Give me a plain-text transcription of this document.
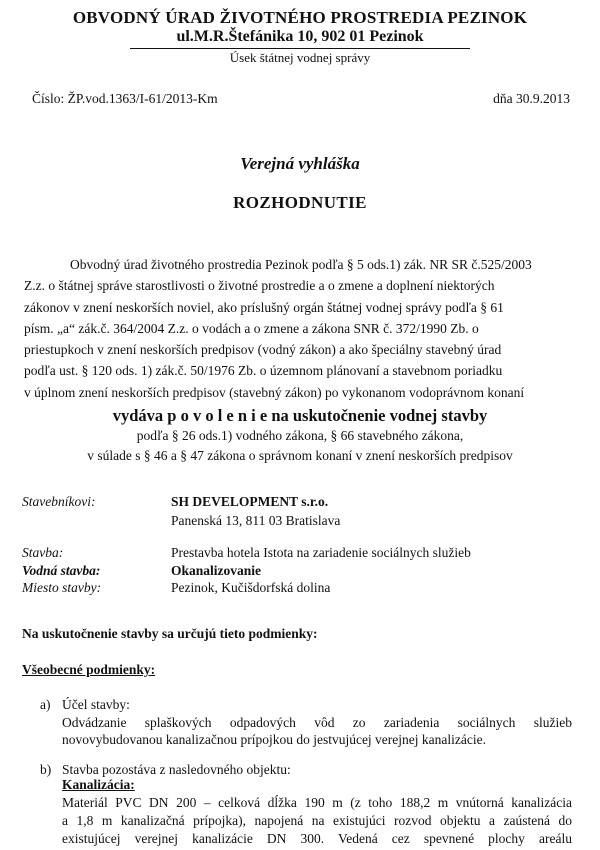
OBVODNÝ ÚRAD ŽIVOTNÉHO PROSTREDIA PEZINOK
ul.M.R.Štefánika 10, 902 01 Pezinok
Úsek štátnej vodnej správy
Číslo: ŽP.vod.1363/I-61/2013-Km	dňa 30.9.2013
Verejná vyhláška
ROZHODNUTIE

Obvodný úrad životného prostredia Pezinok podľa § 5 ods.1) zák. NR SR č.525/2003
Z.z. o štátnej správe starostlivosti o životné prostredie a o zmene a doplnení niektorých
zákonov v znení neskorších noviel, ako príslušný orgán štátnej vodnej správy podľa § 61
písm. „a“ zák.č. 364/2004 Z.z. o vodách a o zmene a zákona SNR č. 372/1990 Zb. o
priestupkoch v znení neskorších predpisov (vodný zákon) a ako špeciálny stavebný úrad
podľa ust. § 120 ods. 1) zák.č. 50/1976 Zb. o územnom plánovaní a stavebnom poriadku
v úplnom znení neskorších predpisov (stavebný zákon) po vykonanom vodoprávnom konaní

vydáva p o v o l e n i e na uskutočnenie vodnej stavby
podľa § 26 ods.1) vodného zákona, § 66 stavebného zákona,
v súlade s § 46 a § 47 zákona o správnom konaní v znení neskorších predpisov
Stavebníkovi:	SH DEVELOPMENT s.r.o.
Panenská 13, 811 03 Bratislava
Stavba:	Prestavba hotela Istota na zariadenie sociálnych služieb
Vodná stavba:	Okanalizovanie
Miesto stavby:	Pezinok, Kučišdorfská dolina
Na uskutočnenie stavby sa určujú tieto podmienky:
Všeobecné podmienky:
a) Účel stavby:
Odvádzanie splaškových odpadových vôd zo zariadenia sociálnych služieb
novovybudovanou kanalizačnou prípojkou do jestvujúcej verejnej kanalizácie.
b) Stavba pozostáva z nasledovného objektu:
Kanalizácia:
Materiál PVC DN 200 – celková dĺžka 190 m (z toho 188,2 m vnútorná kanalizácia
a 1,8 m kanalizačná prípojka), napojená na existujúci rozvod objektu a zaústená do
existujúcej verejnej kanalizácie DN 300. Vedená cez spevnené plochy areálu
